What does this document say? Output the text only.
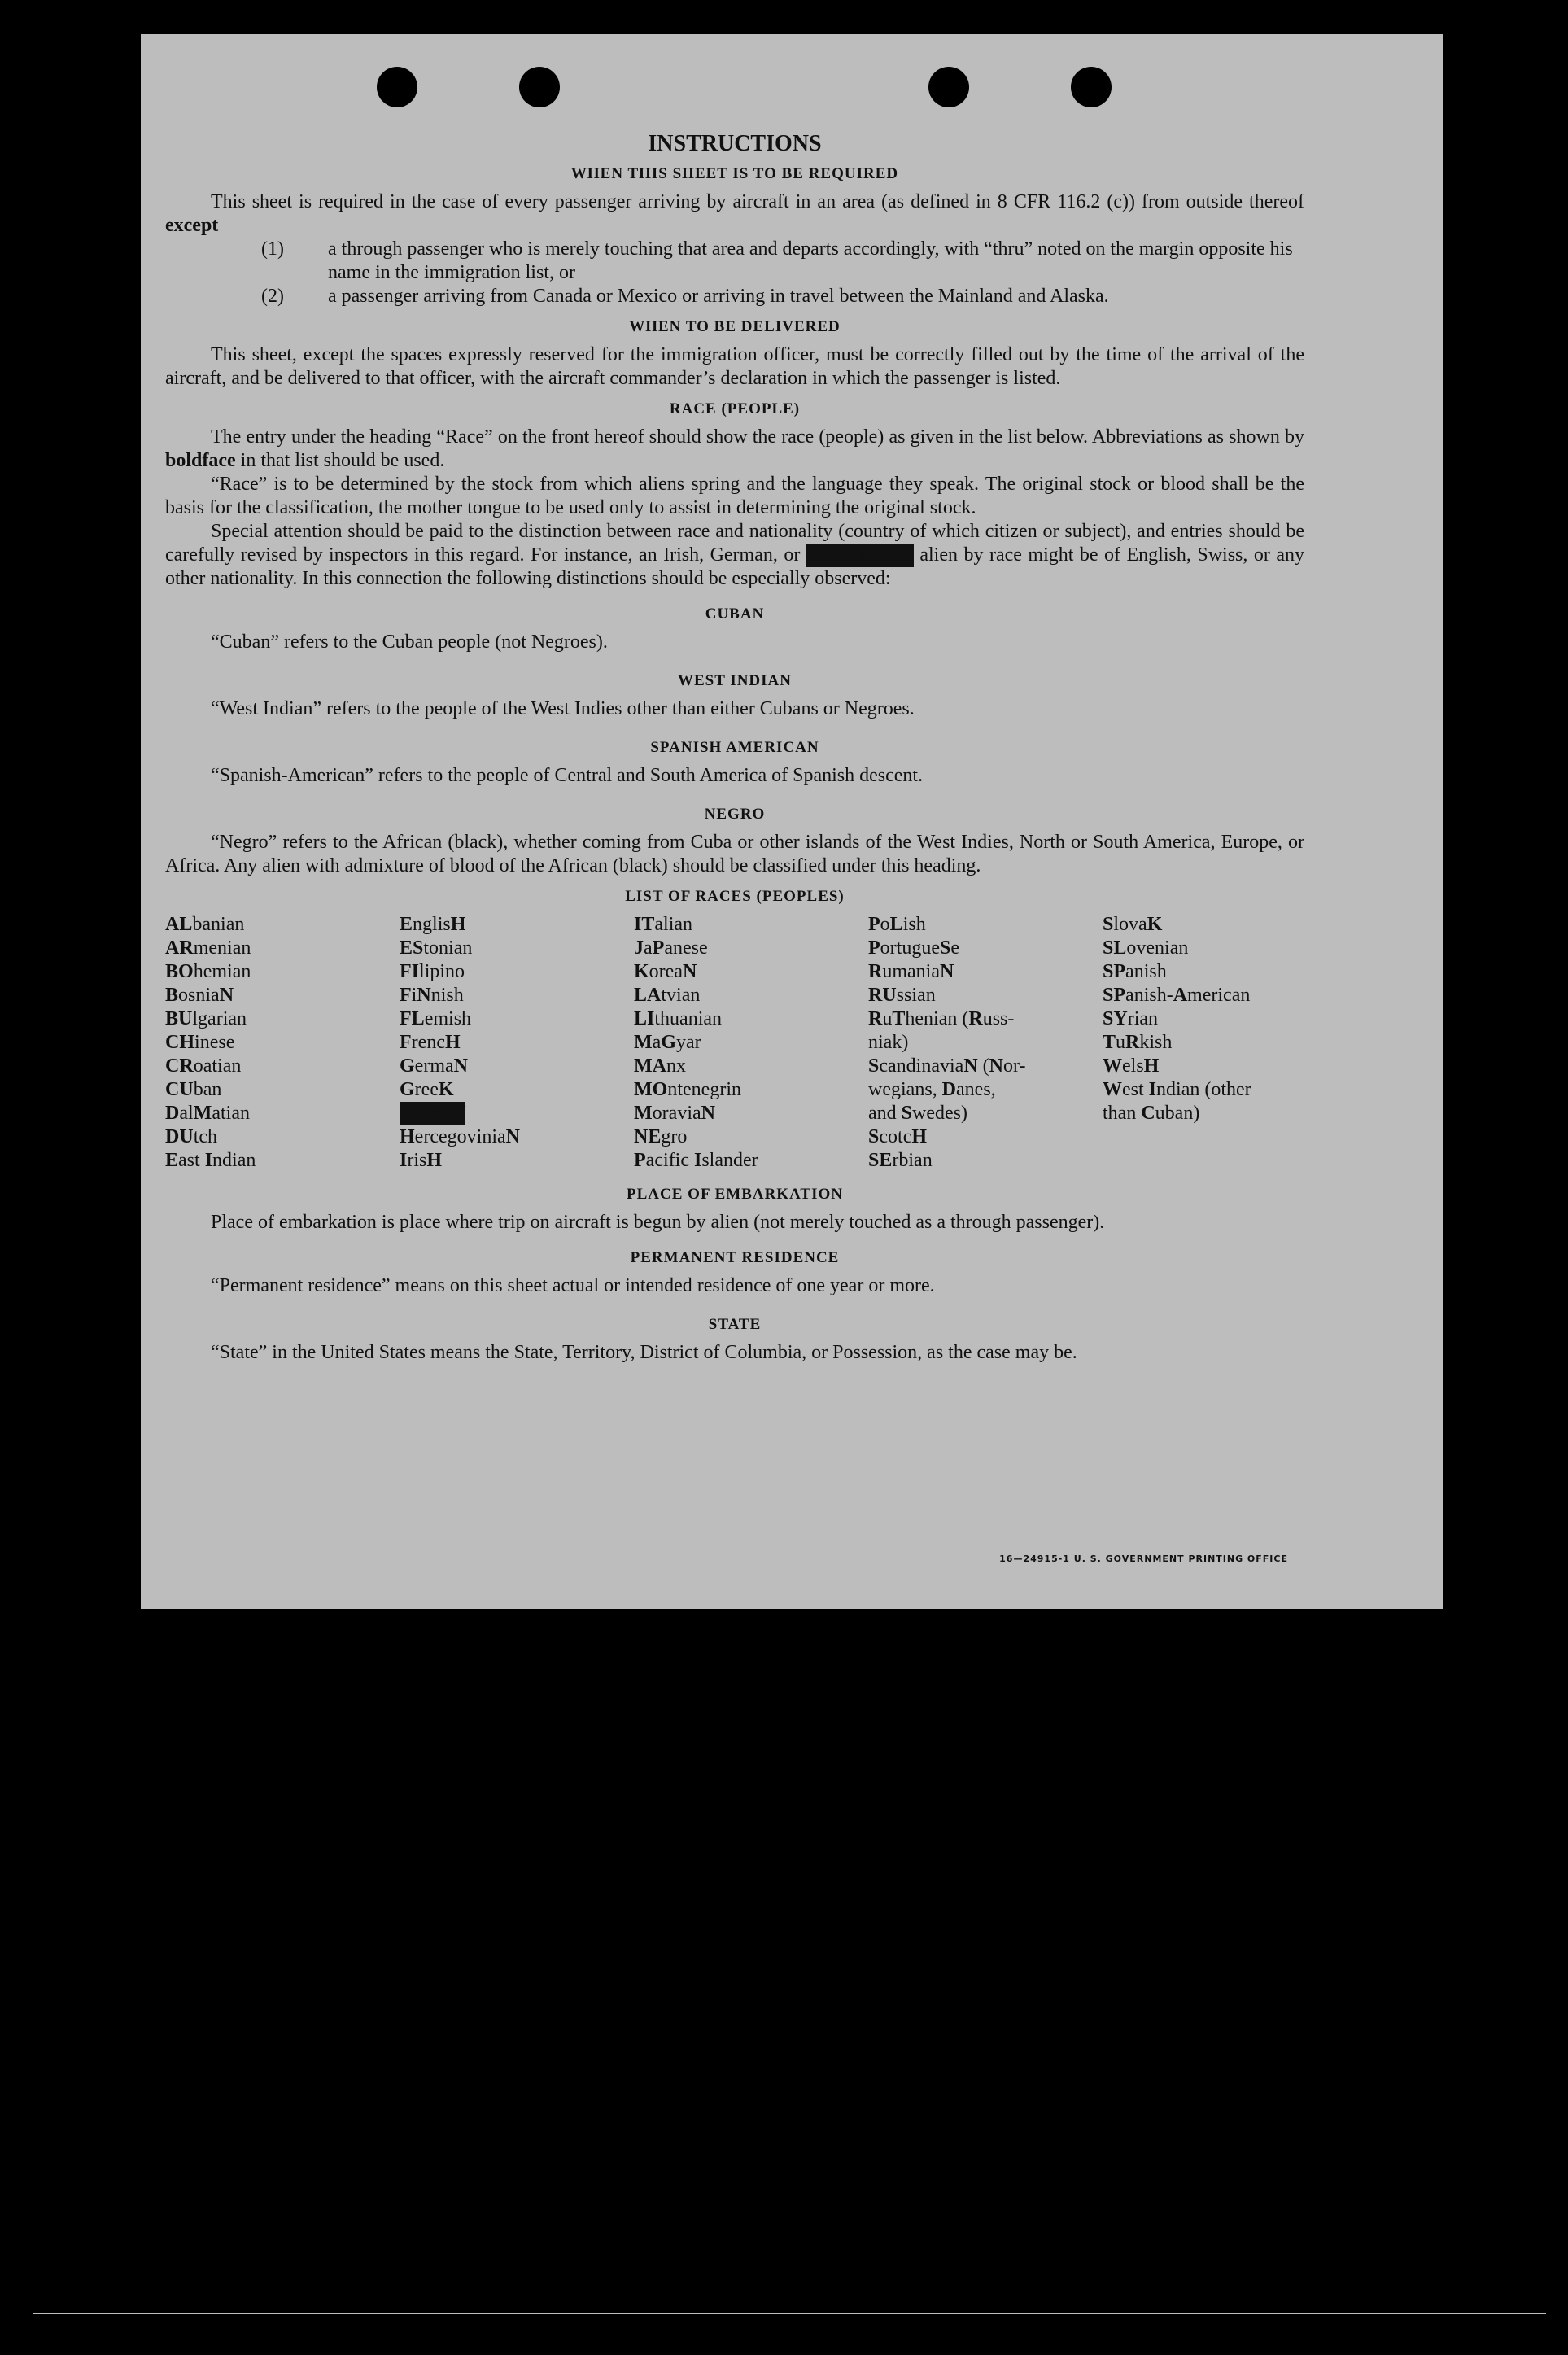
INSTRUCTIONS
WHEN THIS SHEET IS TO BE REQUIRED

This sheet is required in the case of every passenger arriving by aircraft in an area (as defined in 8 CFR 116.2 (c)) from outside thereof except

(1) a through passenger who is merely touching that area and departs accordingly, with “thru” noted on the margin opposite his name in the immigration list, or
(2) a passenger arriving from Canada or Mexico or arriving in travel between the Mainland and Alaska.
WHEN TO BE DELIVERED

This sheet, except the spaces expressly reserved for the immigration officer, must be correctly filled out by the time of the arrival of the aircraft, and be delivered to that officer, with the aircraft commander’s declaration in which the passenger is listed.

RACE (PEOPLE)

The entry under the heading “Race” on the front hereof should show the race (people) as given in the list below. Abbreviations as shown by boldface in that list should be used.

“Race” is to be determined by the stock from which aliens spring and the language they speak. The original stock or blood shall be the basis for the classification, the mother tongue to be used only to assist in determining the original stock.

Special attention should be paid to the distinction between race and nationality (country of which citizen or subject), and entries should be carefully revised by inspectors in this regard. For instance, an Irish, German, or	Hebrew alien by race might be of English, Swiss, or any other nationality. In this connection the following distinctions should be especially observed:

CUBAN

“Cuban” refers to the Cuban people (not Negroes).

WEST INDIAN

“West Indian” refers to the people of the West Indies other than either Cubans or Negroes.

SPANISH AMERICAN

“Spanish-American” refers to the people of Central and South America of Spanish descent.

NEGRO

“Negro” refers to the African (black), whether coming from Cuba or other islands of the West Indies, North or South America, Europe, or Africa. Any alien with admixture of blood of the African (black) should be classified under this heading.

LIST OF RACES (PEOPLES)
ALbanian
ARmenian
BOhemian
BosniaN
BUlgarian
CHinese
CRoatian
CUban
DalMatian
DUtch
East Indian
EnglisH
EStonian
FIlipino
FiNnish
FLemish
FrencH
GermaN
GreeK
HebreW
HercegoviniaN
IrisH
ITalian
JaPanese
KoreaN
LAtvian
LIthuanian
MaGyar
MAnx
MOntenegrin
MoraviaN
NEgro
Pacific Islander
PoLish
PortugueSe
RumaniaN
RUssian
RuThenian (Russ-
niak)
ScandinaviaN (Nor-
wegians, Danes,
and Swedes)
ScotcH
SErbian
SlovaK
SLovenian
SPanish
SPanish-American
SYrian
TuRkish
WelsH
West Indian (other
than Cuban)
PLACE OF EMBARKATION

Place of embarkation is place where trip on aircraft is begun by alien (not merely touched as a through passenger).

PERMANENT RESIDENCE

“Permanent residence” means on this sheet actual or intended residence of one year or more.

STATE

“State” in the United States means the State, Territory, District of Columbia, or Possession, as the case may be.

16—24915-1 U. S. GOVERNMENT PRINTING OFFICE
